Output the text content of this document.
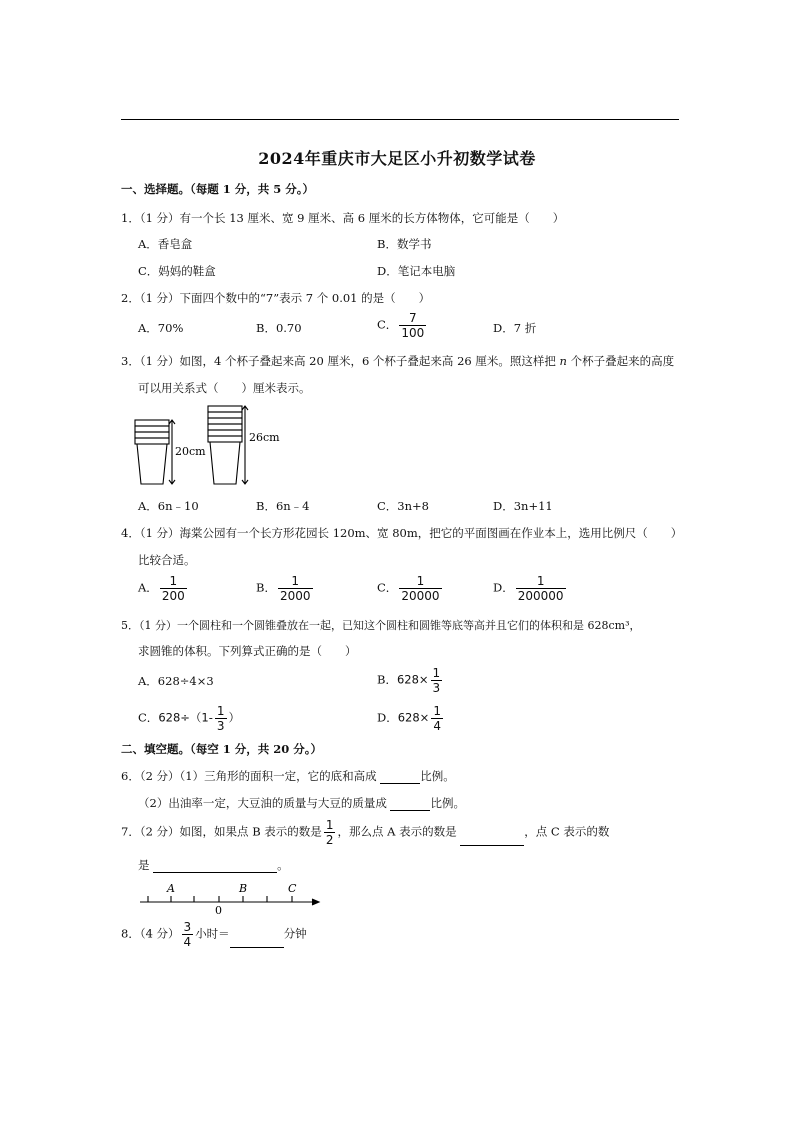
2024年重庆市大足区小升初数学试卷
一、选择题。（每题 1 分，共 5 分。）
1．（1 分）有一个长 13 厘米、宽 9 厘米、高 6 厘米的长方体物体，它可能是（　　）
A．香皂盒	B．数学书
C．妈妈的鞋盒	D．笔记本电脑
2．（1 分）下面四个数中的“7”表示 7 个 0.01 的是（　　）
A．70%	B．0.70	C． $\frac{7}{100}$	D．7 折
3．（1 分）如图，4 个杯子叠起来高 20 厘米，6 个杯子叠起来高 26 厘米。照这样把 n 个杯子叠起来的高度
可以用关系式（　　）厘米表示。
20cm
26cm
A．6n﹣10	B．6n﹣4	C．3n+8	D．3n+11
4．（1 分）海棠公园有一个长方形花园长 120m、宽 80m，把它的平面图画在作业本上，选用比例尺（　　）
比较合适。
A． $\frac{1}{200}$	B． $\frac{1}{2000}$	C． $\frac{1}{20000}$	D． $\frac{1}{200000}$
5．（1 分）一个圆柱和一个圆锥叠放在一起，已知这个圆柱和圆锥等底等高并且它们的体积和是 628cm³，
求圆锥的体积。下列算式正确的是（　　）
A．628÷4×3	B．$628\times \frac{1}{3}$
C．$628\div(1- \frac{1}{3}$ ）	D．$628\times \frac{1}{4}$
二、填空题。（每空 1 分，共 20 分。）
6．（2 分）（1）三角形的面积一定，它的底和高成	比例。
（2）出油率一定，大豆油的质量与大豆的质量成	比例。
7．（2 分）如图，如果点 B 表示的数是 $\frac{1}{2}$ ，那么点 A 表示的数是	，点 C 表示的数
是	。
A	B	C
0
8．（4 分） $\frac{3}{4}$ 小时＝	分钟
